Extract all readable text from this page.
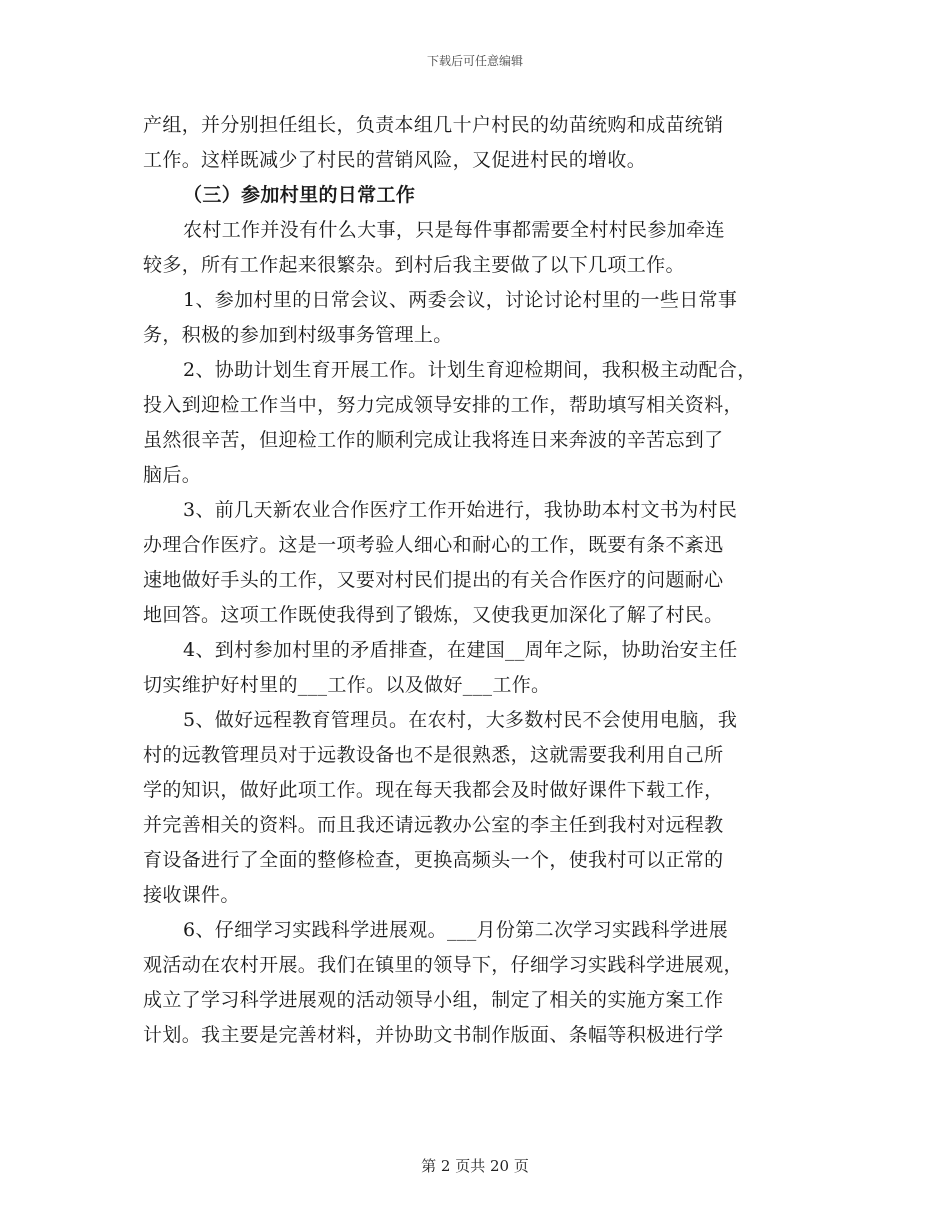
下载后可任意编辑
产组，并分别担任组长，负责本组几十户村民的幼苗统购和成苗统销
工作。这样既减少了村民的营销风险，又促进村民的增收。
（三）参加村里的日常工作
农村工作并没有什么大事，只是每件事都需要全村村民参加牵连
较多，所有工作起来很繁杂。到村后我主要做了以下几项工作。
1、参加村里的日常会议、两委会议，讨论讨论村里的一些日常事
务，积极的参加到村级事务管理上。
2、协助计划生育开展工作。计划生育迎检期间，我积极主动配合，
投入到迎检工作当中，努力完成领导安排的工作，帮助填写相关资料，
虽然很辛苦，但迎检工作的顺利完成让我将连日来奔波的辛苦忘到了
脑后。
3、前几天新农业合作医疗工作开始进行，我协助本村文书为村民
办理合作医疗。这是一项考验人细心和耐心的工作，既要有条不紊迅
速地做好手头的工作，又要对村民们提出的有关合作医疗的问题耐心
地回答。这项工作既使我得到了锻炼，又使我更加深化了解了村民。
4、到村参加村里的矛盾排查，在建国__周年之际，协助治安主任
切实维护好村里的___工作。以及做好___工作。
5、做好远程教育管理员。在农村，大多数村民不会使用电脑，我
村的远教管理员对于远教设备也不是很熟悉，这就需要我利用自己所
学的知识，做好此项工作。现在每天我都会及时做好课件下载工作，
并完善相关的资料。而且我还请远教办公室的李主任到我村对远程教
育设备进行了全面的整修检查，更换高频头一个，使我村可以正常的
接收课件。
6、仔细学习实践科学进展观。___月份第二次学习实践科学进展
观活动在农村开展。我们在镇里的领导下，仔细学习实践科学进展观，
成立了学习科学进展观的活动领导小组，制定了相关的实施方案工作
计划。我主要是完善材料，并协助文书制作版面、条幅等积极进行学
第 2 页共 20 页
